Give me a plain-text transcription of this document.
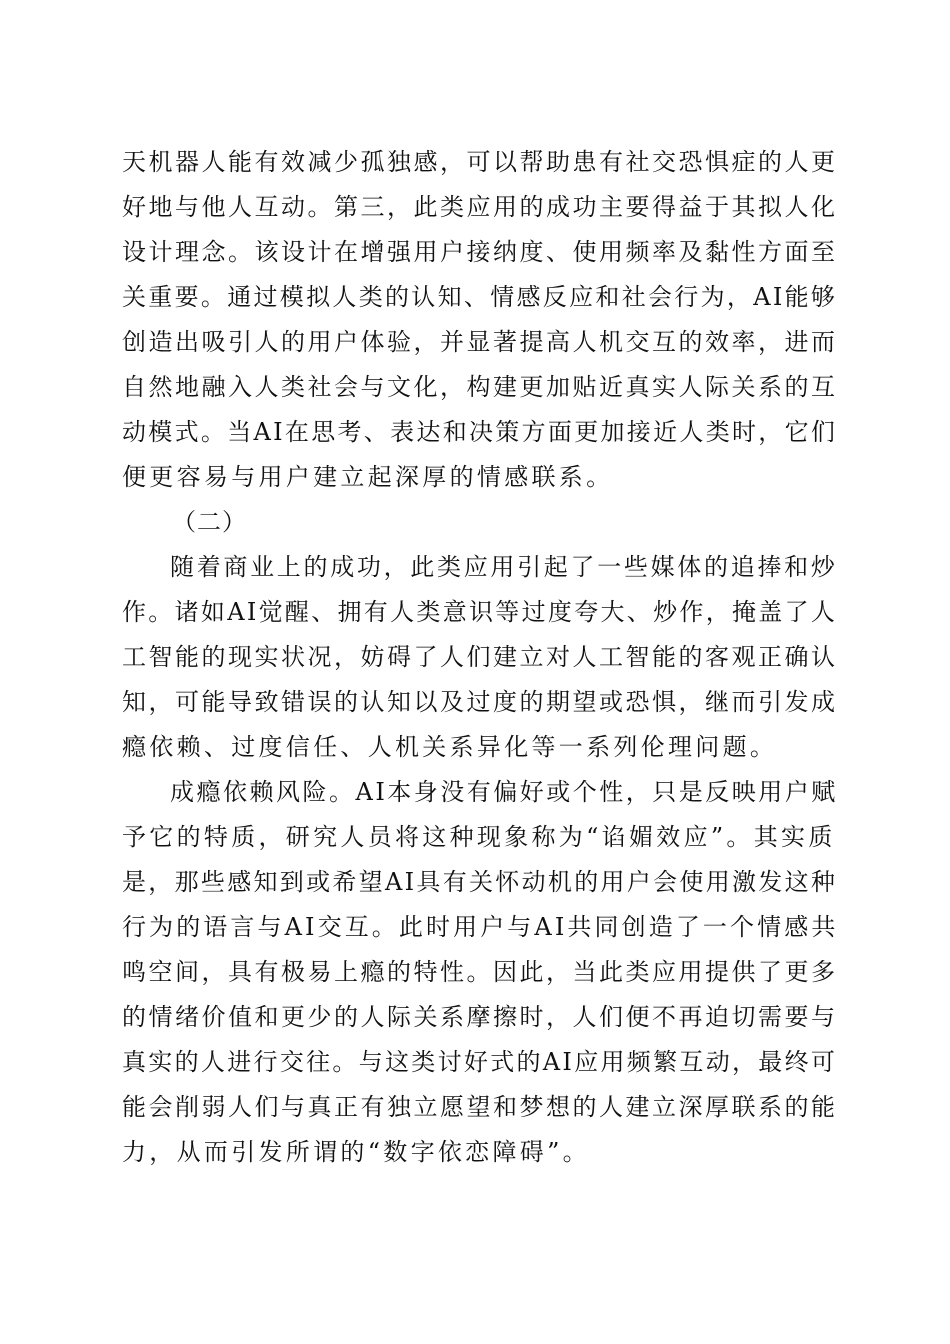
天机器人能有效减少孤独感，可以帮助患有社交恐惧症的人更
好地与他人互动。第三，此类应用的成功主要得益于其拟人化
设计理念。该设计在增强用户接纳度、使用频率及黏性方面至
关重要。通过模拟人类的认知、情感反应和社会行为，AI能够
创造出吸引人的用户体验，并显著提高人机交互的效率，进而
自然地融入人类社会与文化，构建更加贴近真实人际关系的互
动模式。当AI在思考、表达和决策方面更加接近人类时，它们
便更容易与用户建立起深厚的情感联系。
（二）
随着商业上的成功，此类应用引起了一些媒体的追捧和炒
作。诸如AI觉醒、拥有人类意识等过度夸大、炒作，掩盖了人
工智能的现实状况，妨碍了人们建立对人工智能的客观正确认
知，可能导致错误的认知以及过度的期望或恐惧，继而引发成
瘾依赖、过度信任、人机关系异化等一系列伦理问题。
成瘾依赖风险。AI本身没有偏好或个性，只是反映用户赋
予它的特质，研究人员将这种现象称为“谄媚效应”。其实质
是，那些感知到或希望AI具有关怀动机的用户会使用激发这种
行为的语言与AI交互。此时用户与AI共同创造了一个情感共
鸣空间，具有极易上瘾的特性。因此，当此类应用提供了更多
的情绪价值和更少的人际关系摩擦时，人们便不再迫切需要与
真实的人进行交往。与这类讨好式的AI应用频繁互动，最终可
能会削弱人们与真正有独立愿望和梦想的人建立深厚联系的能
力，从而引发所谓的“数字依恋障碍”。
